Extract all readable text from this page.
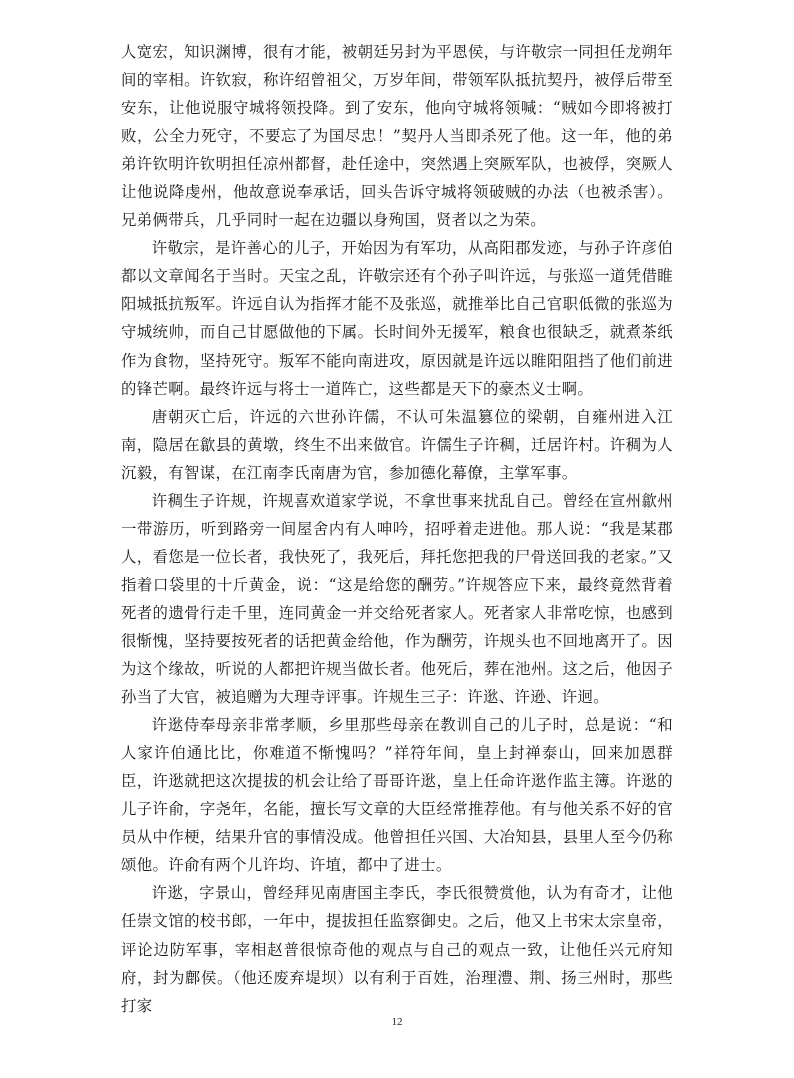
人宽宏，知识渊博，很有才能，被朝廷另封为平恩侯，与许敬宗一同担任龙朔年间的宰相。许钦寂，称许绍曾祖父，万岁年间，带领军队抵抗契丹，被俘后带至安东，让他说服守城将领投降。到了安东，他向守城将领喊：“贼如今即将被打败，公全力死守，不要忘了为国尽忠！”契丹人当即杀死了他。这一年，他的弟弟许钦明许钦明担任凉州都督，赴任途中，突然遇上突厥军队，也被俘，突厥人让他说降虔州，他故意说奉承话，回头告诉守城将领破贼的办法（也被杀害）。兄弟俩带兵，几乎同时一起在边疆以身殉国，贤者以之为荣。

许敬宗，是许善心的儿子，开始因为有军功，从高阳郡发迹，与孙子许彦伯都以文章闻名于当时。天宝之乱，许敬宗还有个孙子叫许远，与张巡一道凭借睢阳城抵抗叛军。许远自认为指挥才能不及张巡，就推举比自己官职低微的张巡为守城统帅，而自己甘愿做他的下属。长时间外无援军，粮食也很缺乏，就煮茶纸作为食物，坚持死守。叛军不能向南进攻，原因就是许远以睢阳阻挡了他们前进的锋芒啊。最终许远与将士一道阵亡，这些都是天下的豪杰义士啊。

唐朝灭亡后，许远的六世孙许儒，不认可朱温篡位的梁朝，自雍州进入江南，隐居在歙县的黄墩，终生不出来做官。许儒生子许稠，迁居许村。许稠为人沉毅，有智谋，在江南李氏南唐为官，参加德化幕僚，主掌军事。

许稠生子许规，许规喜欢道家学说，不拿世事来扰乱自己。曾经在宣州歙州一带游历，听到路旁一间屋舍内有人呻吟，招呼着走进他。那人说：“我是某郡人，看您是一位长者，我快死了，我死后，拜托您把我的尸骨送回我的老家。”又指着口袋里的十斤黄金，说：“这是给您的酬劳。”许规答应下来，最终竟然背着死者的遗骨行走千里，连同黄金一并交给死者家人。死者家人非常吃惊，也感到很惭愧，坚持要按死者的话把黄金给他，作为酬劳，许规头也不回地离开了。因为这个缘故，听说的人都把许规当做长者。他死后，葬在池州。这之后，他因子孙当了大官，被追赠为大理寺评事。许规生三子：许逖、许逊、许迥。

许逖侍奉母亲非常孝顺，乡里那些母亲在教训自己的儿子时，总是说：“和人家许伯通比比，你难道不惭愧吗？”祥符年间，皇上封禅泰山，回来加恩群臣，许逖就把这次提拔的机会让给了哥哥许逖，皇上任命许逖作监主簿。许逖的儿子许俞，字尧年，名能，擅长写文章的大臣经常推荐他。有与他关系不好的官员从中作梗，结果升官的事情没成。他曾担任兴国、大冶知县，县里人至今仍称颂他。许俞有两个儿许均、许埴，都中了进士。

许逖，字景山，曾经拜见南唐国主李氏，李氏很赞赏他，认为有奇才，让他任崇文馆的校书郎，一年中，提拔担任监察御史。之后，他又上书宋太宗皇帝，评论边防军事，宰相赵普很惊奇他的观点与自己的观点一致，让他任兴元府知府，封为鄜侯。（他还废弃堤坝）以有利于百姓，治理澧、荆、扬三州时，那些打家

12
